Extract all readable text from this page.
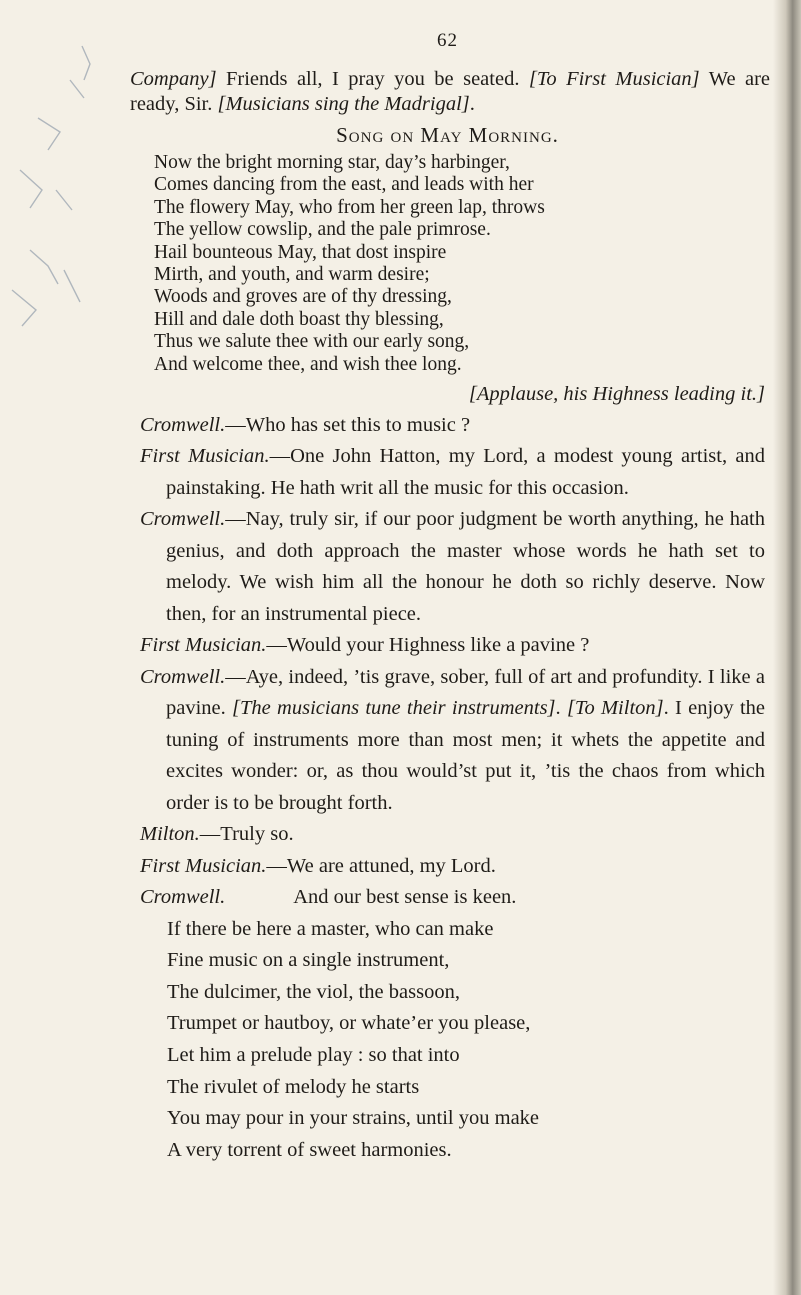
62

Company] Friends all, I pray you be seated. [To First Musician] We are ready, Sir. [Musicians sing the Madrigal].

Song on May Morning.
Now the bright morning star, day’s harbinger,
Comes dancing from the east, and leads with her
The flowery May, who from her green lap, throws
The yellow cowslip, and the pale primrose.
Hail bounteous May, that dost inspire
Mirth, and youth, and warm desire;
Woods and groves are of thy dressing,
Hill and dale doth boast thy blessing,
Thus we salute thee with our early song,
And welcome thee, and wish thee long.
[Applause, his Highness leading it.]

Cromwell.—Who has set this to music ?

First Musician.—One John Hatton, my Lord, a modest young artist, and painstaking. He hath writ all the music for this occasion.

Cromwell.—Nay, truly sir, if our poor judgment be worth anything, he hath genius, and doth approach the master whose words he hath set to melody. We wish him all the honour he doth so richly deserve. Now then, for an instrumental piece.

First Musician.—Would your Highness like a pavine ?

Cromwell.—Aye, indeed, ’tis grave, sober, full of art and profundity. I like a pavine. [The musicians tune their instruments]. [To Milton]. I enjoy the tuning of instruments more than most men; it whets the appetite and excites wonder: or, as thou would’st put it, ’tis the chaos from which order is to be brought forth.

Milton.—Truly so.

First Musician.—We are attuned, my Lord.

Cromwell.	And our best sense is keen.

If there be here a master, who can make
Fine music on a single instrument,
The dulcimer, the viol, the bassoon,
Trumpet or hautboy, or whate’er you please,
Let him a prelude play : so that into
The rivulet of melody he starts
You may pour in your strains, until you make
A very torrent of sweet harmonies.
